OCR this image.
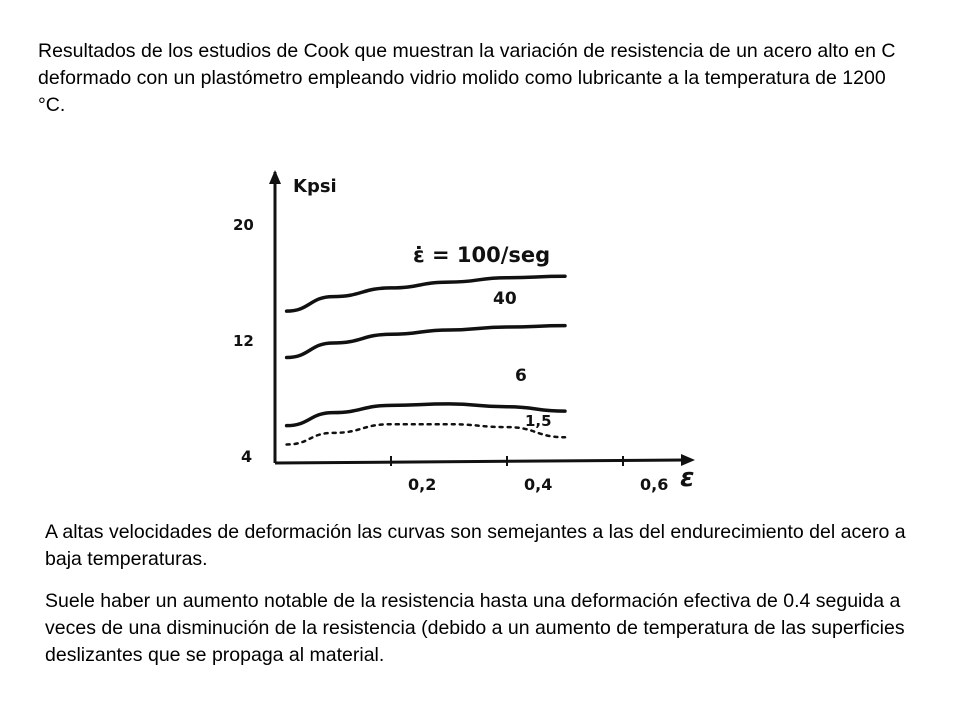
Resultados de los estudios de Cook que muestran la variación de resistencia de un acero alto en C deformado con un plastómetro empleando vidrio molido como lubricante a la temperatura de 1200 °C.

Kpsi
ε
4
12
20
0,2	0,4	0,6
ε̇ = 100/seg
40
6
1,5

A altas velocidades de deformación las curvas son semejantes a las del endurecimiento del acero a baja temperaturas.

Suele haber un aumento notable de la resistencia hasta una deformación efectiva de 0.4 seguida a veces de una disminución de la resistencia (debido a un aumento de temperatura de las superficies deslizantes que se propaga al material.
